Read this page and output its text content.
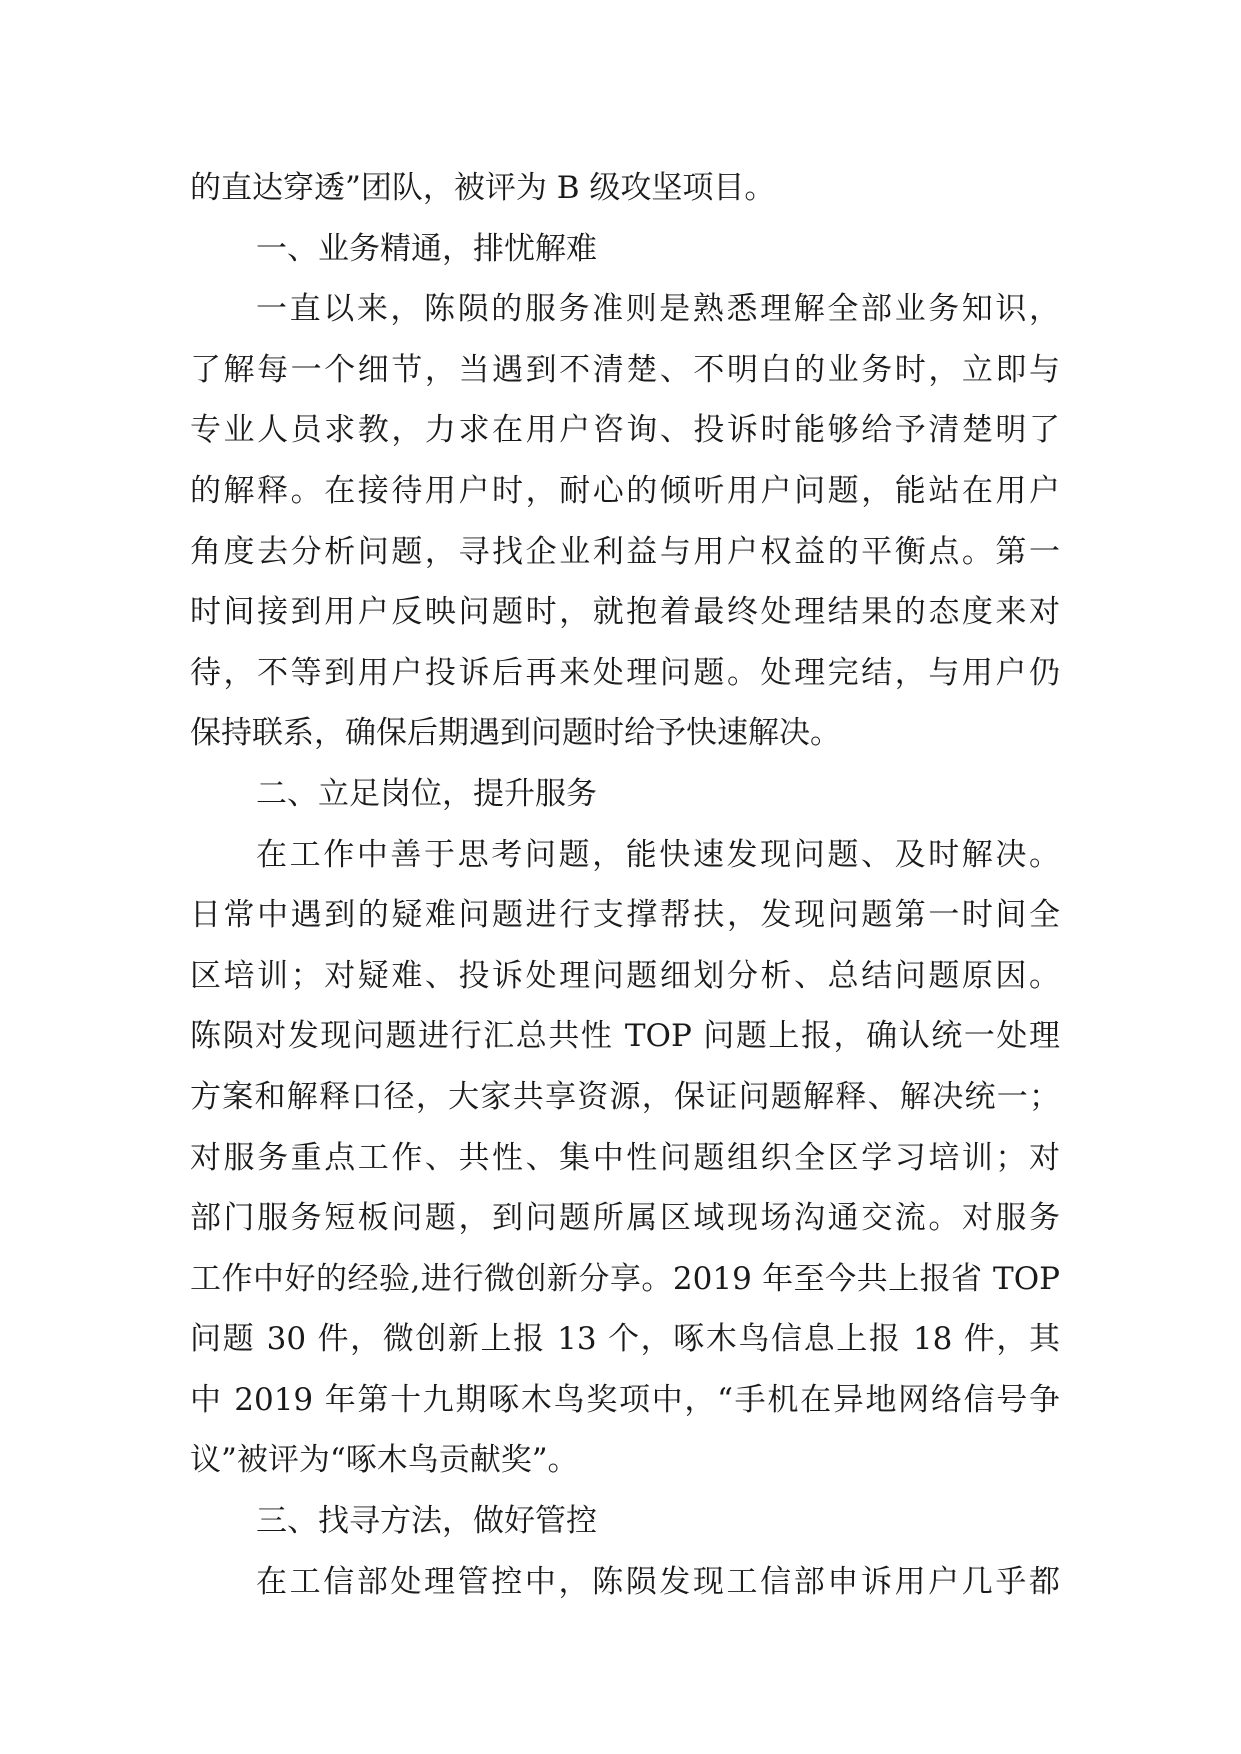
的直达穿透”团队，被评为 B 级攻坚项目。
一、业务精通，排忧解难
一直以来，陈陨的服务准则是熟悉理解全部业务知识，
了解每一个细节，当遇到不清楚、不明白的业务时，立即与
专业人员求教，力求在用户咨询、投诉时能够给予清楚明了
的解释。在接待用户时，耐心的倾听用户问题，能站在用户
角度去分析问题，寻找企业利益与用户权益的平衡点。第一
时间接到用户反映问题时，就抱着最终处理结果的态度来对
待，不等到用户投诉后再来处理问题。处理完结，与用户仍
保持联系，确保后期遇到问题时给予快速解决。
二、立足岗位，提升服务
在工作中善于思考问题，能快速发现问题、及时解决。
日常中遇到的疑难问题进行支撑帮扶，发现问题第一时间全
区培训；对疑难、投诉处理问题细划分析、总结问题原因。
陈陨对发现问题进行汇总共性 TOP 问题上报，确认统一处理
方案和解释口径，大家共享资源，保证问题解释、解决统一；
对服务重点工作、共性、集中性问题组织全区学习培训；对
部门服务短板问题，到问题所属区域现场沟通交流。对服务
工作中好的经验,进行微创新分享。2019 年至今共上报省 TOP
问题 30 件，微创新上报 13 个，啄木鸟信息上报 18 件，其
中 2019 年第十九期啄木鸟奖项中，“手机在异地网络信号争
议”被评为“啄木鸟贡献奖”。
三、找寻方法，做好管控
在工信部处理管控中，陈陨发现工信部申诉用户几乎都
